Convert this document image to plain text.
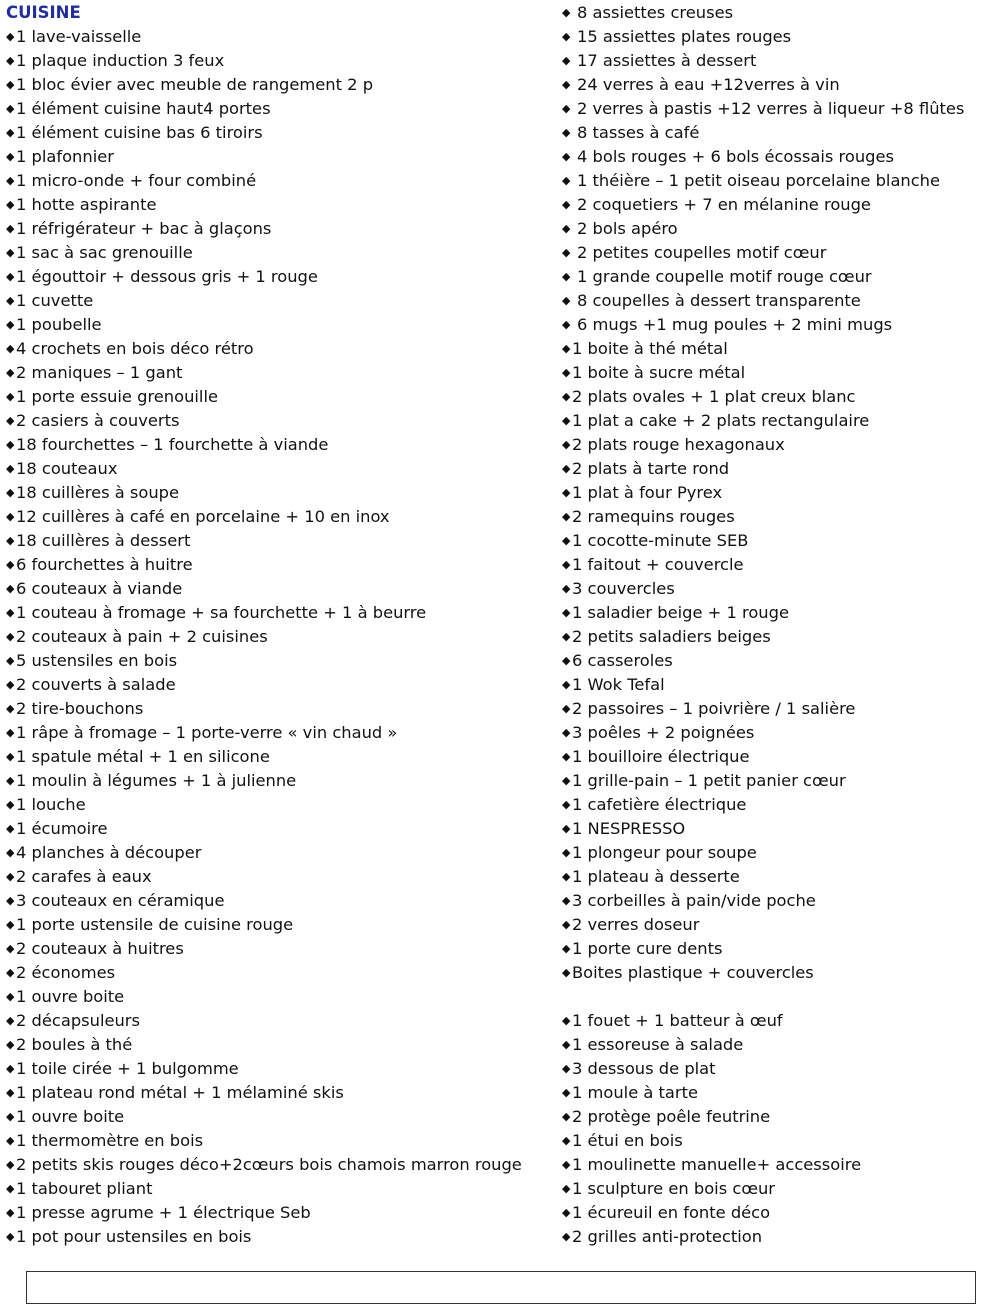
CUISINE
◆1 lave-vaisselle
◆1 plaque induction 3 feux
◆1 bloc évier avec meuble de rangement 2 p
◆1 élément cuisine haut4 portes
◆1 élément cuisine bas 6 tiroirs
◆1 plafonnier
◆1 micro-onde + four combiné
◆1 hotte aspirante
◆1 réfrigérateur + bac à glaçons
◆1 sac à sac grenouille
◆1 égouttoir + dessous gris + 1 rouge
◆1 cuvette
◆1 poubelle
◆4 crochets en bois déco rétro
◆2 maniques – 1 gant
◆1 porte essuie grenouille
◆2 casiers à couverts
◆18 fourchettes – 1 fourchette à viande
◆18 couteaux
◆18 cuillères à soupe
◆12 cuillères à café en porcelaine + 10 en inox
◆18 cuillères à dessert
◆6 fourchettes à huitre
◆6 couteaux à viande
◆1 couteau à fromage + sa fourchette + 1 à beurre
◆2 couteaux à pain + 2 cuisines
◆5 ustensiles en bois
◆2 couverts à salade
◆2 tire-bouchons
◆1 râpe à fromage – 1 porte-verre « vin chaud »
◆1 spatule métal + 1 en silicone
◆1 moulin à légumes + 1 à julienne
◆1 louche
◆1 écumoire
◆4 planches à découper
◆2 carafes à eaux
◆3 couteaux en céramique
◆1 porte ustensile de cuisine rouge
◆2 couteaux à huitres
◆2 économes
◆1 ouvre boite
◆2 décapsuleurs
◆2 boules à thé
◆1 toile cirée + 1 bulgomme
◆1 plateau rond métal + 1 mélaminé skis
◆1 ouvre boite
◆1 thermomètre en bois
◆2 petits skis rouges déco+2cœurs bois chamois marron rouge
◆1 tabouret pliant
◆1 presse agrume + 1 électrique Seb
◆1 pot pour ustensiles en bois
◆ 8 assiettes creuses
◆ 15 assiettes plates rouges
◆ 17 assiettes à dessert
◆ 24 verres à eau +12verres à vin
◆ 2 verres à pastis +12 verres à liqueur +8 flûtes
◆ 8 tasses à café
◆ 4 bols rouges + 6 bols écossais rouges
◆ 1 théière – 1 petit oiseau porcelaine blanche
◆ 2 coquetiers + 7 en mélanine rouge
◆ 2 bols apéro
◆ 2 petites coupelles motif cœur
◆ 1 grande coupelle motif rouge cœur
◆ 8 coupelles à dessert transparente
◆ 6 mugs +1 mug poules + 2 mini mugs
◆1 boite à thé métal
◆1 boite à sucre métal
◆2 plats ovales + 1 plat creux blanc
◆1 plat a cake + 2 plats rectangulaire
◆2 plats rouge hexagonaux
◆2 plats à tarte rond
◆1 plat à four Pyrex
◆2 ramequins rouges
◆1 cocotte-minute SEB
◆1 faitout + couvercle
◆3 couvercles
◆1 saladier beige + 1 rouge
◆2 petits saladiers beiges
◆6 casseroles
◆1 Wok Tefal
◆2 passoires – 1 poivrière / 1 salière
◆3 poêles + 2 poignées
◆1 bouilloire électrique
◆1 grille-pain – 1 petit panier cœur
◆1 cafetière électrique
◆1 NESPRESSO
◆1 plongeur pour soupe
◆1 plateau à desserte
◆3 corbeilles à pain/vide poche
◆2 verres doseur
◆1 porte cure dents
◆Boites plastique + couvercles
◆1 fouet + 1 batteur à œuf
◆1 essoreuse à salade
◆3 dessous de plat
◆1 moule à tarte
◆2 protège poêle feutrine
◆1 étui en bois
◆1 moulinette manuelle+ accessoire
◆1 sculpture en bois cœur
◆1 écureuil en fonte déco
◆2 grilles anti-protection
